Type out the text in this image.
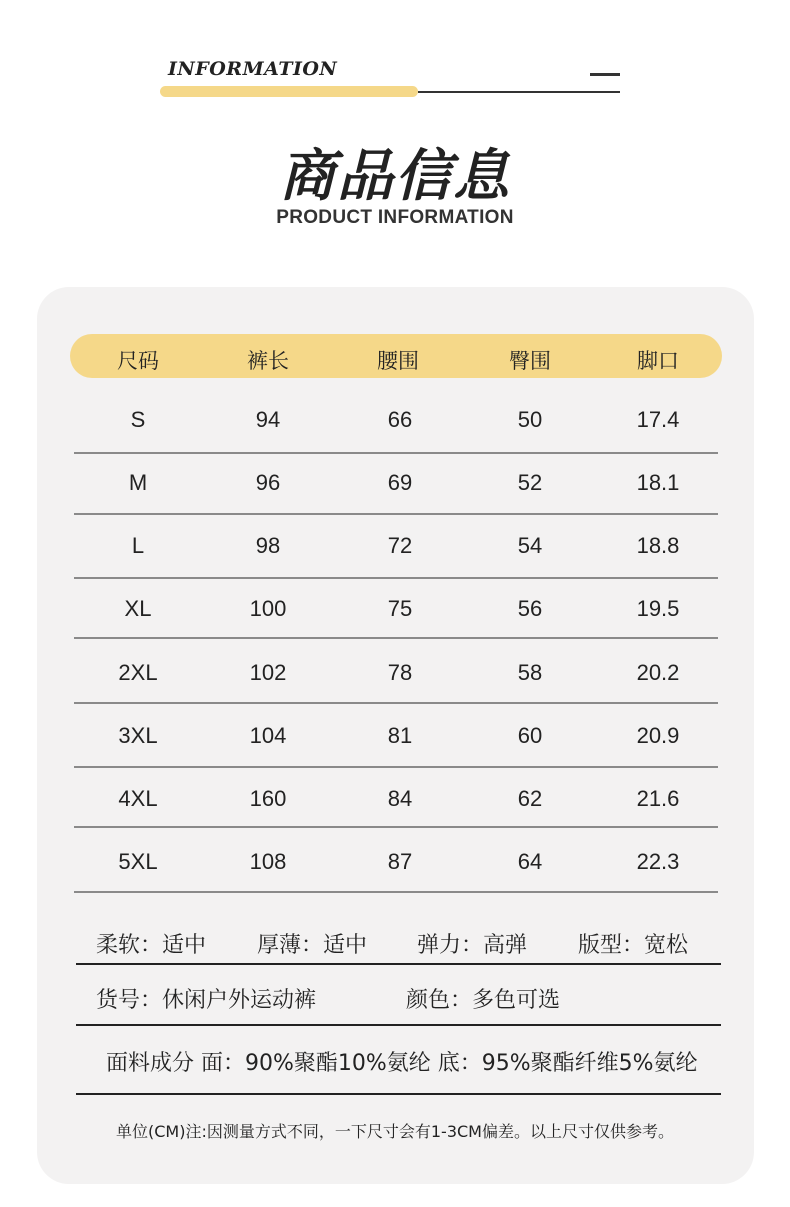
INFORMATION
商品信息
PRODUCT INFORMATION
尺码	裤长	腰围	臀围	脚口
S	94	66	50	17.4
M	96	69	52	18.1
L	98	72	54	18.8
XL	100	75	56	19.5
2XL	102	78	58	20.2
3XL	104	81	60	20.9
4XL	160	84	62	21.6
5XL	108	87	64	22.3
柔软：适中 厚薄：适中 弹力：高弹 版型：宽松
货号：休闲户外运动裤	颜色：多色可选
面料成分 面：90%聚酯10%氨纶 底：95%聚酯纤维5%氨纶
单位(CM)注:因测量方式不同，一下尺寸会有1-3CM偏差。以上尺寸仅供参考。
